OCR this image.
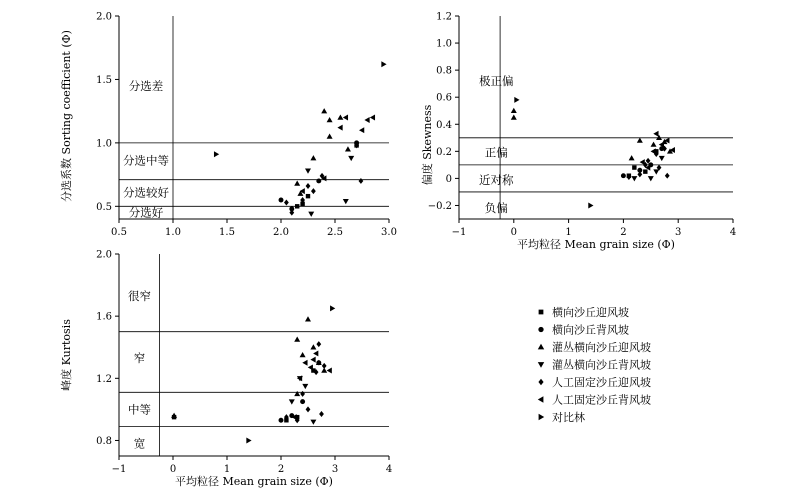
0.5	1.0	1.5	2.0	2.5	3.0
0.5
1.0
1.5
2.0
分选差
分选中等
分选较好
分选好
分选系数 Sorting coefficient (Φ)
−1	0	1	2	3	4
−0.2
0
0.2
0.4
0.6
0.8
1.0
1.2
极正偏
正偏
近对称
负偏
平均粒径 Mean grain size (Φ)
偏度 Skewness
−1	0	1	2	3	4
0.8
1.2
1.6
2.0
很窄
窄
中等
宽
平均粒径 Mean grain size (Φ)
峰度 Kurtosis
横向沙丘迎风坡
横向沙丘背风坡
灌丛横向沙丘迎风坡
灌丛横向沙丘背风坡
人工固定沙丘迎风坡
人工固定沙丘背风坡
对比林
